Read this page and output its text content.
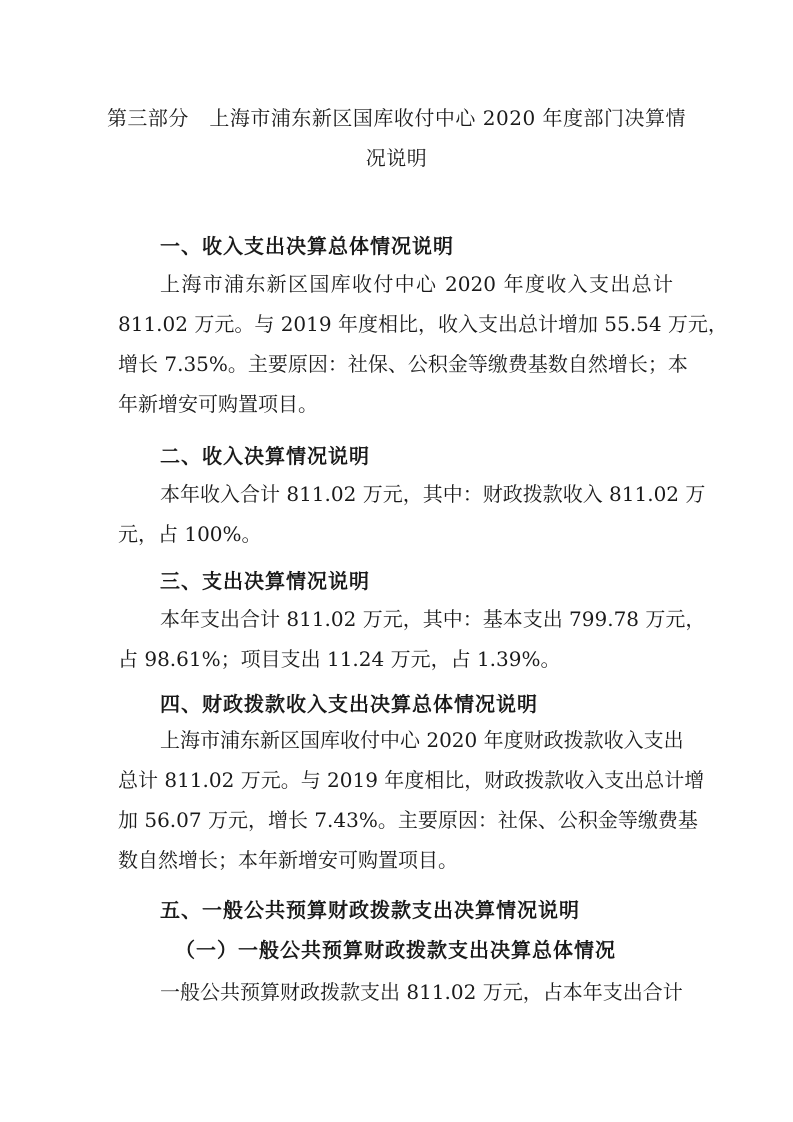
第三部分　上海市浦东新区国库收付中心 2020 年度部门决算情
况说明
一、收入支出决算总体情况说明
上海市浦东新区国库收付中心 2020 年度收入支出总计
811.02 万元。与 2019 年度相比，收入支出总计增加 55.54 万元，
增长 7.35%。主要原因：社保、公积金等缴费基数自然增长；本
年新增安可购置项目。
二、收入决算情况说明
本年收入合计 811.02 万元，其中：财政拨款收入 811.02 万
元，占 100%。
三、支出决算情况说明
本年支出合计 811.02 万元，其中：基本支出 799.78 万元，
占 98.61%；项目支出 11.24 万元，占 1.39%。
四、财政拨款收入支出决算总体情况说明
上海市浦东新区国库收付中心 2020 年度财政拨款收入支出
总计 811.02 万元。与 2019 年度相比，财政拨款收入支出总计增
加 56.07 万元，增长 7.43%。主要原因：社保、公积金等缴费基
数自然增长；本年新增安可购置项目。
五、一般公共预算财政拨款支出决算情况说明
（一）一般公共预算财政拨款支出决算总体情况
一般公共预算财政拨款支出 811.02 万元，占本年支出合计
